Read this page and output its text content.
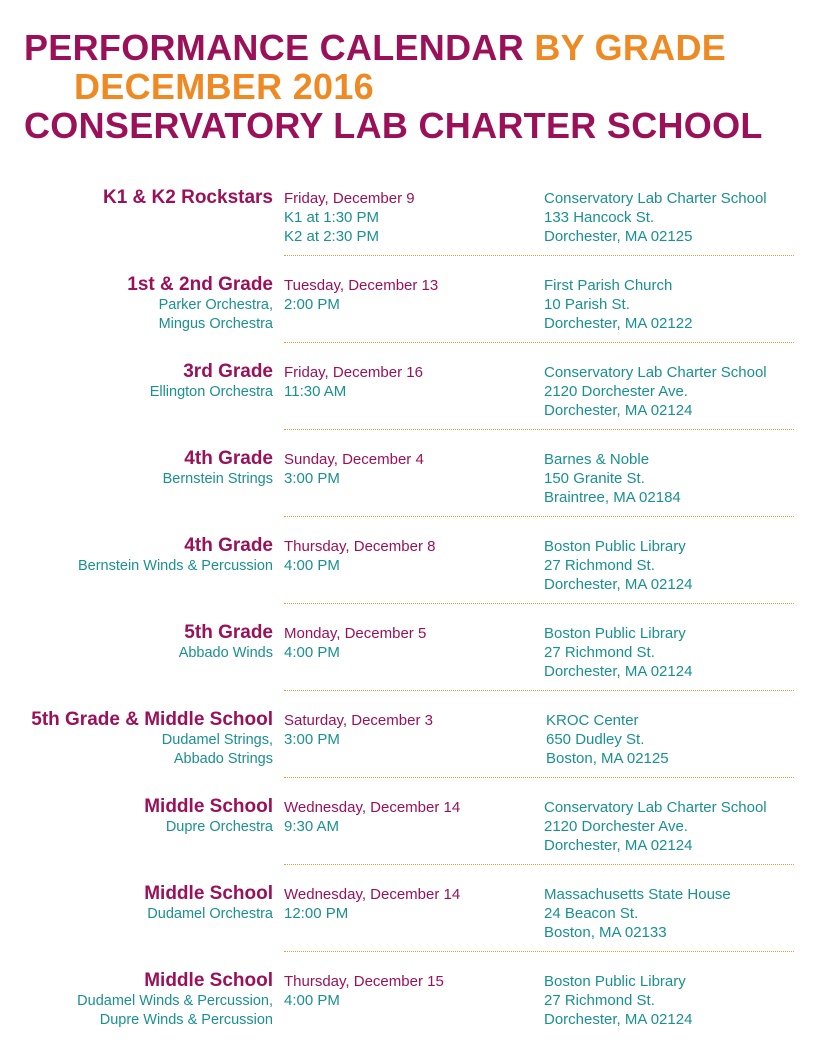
PERFORMANCE CALENDAR BY GRADE
DECEMBER 2016
CONSERVATORY LAB CHARTER SCHOOL
K1 & K2 Rockstars Friday, December 9
K1 at 1:30 PM
K2 at 2:30 PM
Conservatory Lab Charter School
133 Hancock St.
Dorchester, MA 02125
1st & 2nd Grade
Parker Orchestra,
Mingus Orchestra
Tuesday, December 13
2:00 PM
First Parish Church
10 Parish St.
Dorchester, MA 02122
3rd Grade
Ellington Orchestra
Friday, December 16
11:30 AM
Conservatory Lab Charter School
2120 Dorchester Ave.
Dorchester, MA 02124
4th Grade
Bernstein Strings
Sunday, December 4
3:00 PM
Barnes & Noble
150 Granite St.
Braintree, MA 02184
4th Grade
Bernstein Winds & Percussion
Thursday, December 8
4:00 PM
Boston Public Library
27 Richmond St.
Dorchester, MA 02124
5th Grade
Abbado Winds
Monday, December 5
4:00 PM
Boston Public Library
27 Richmond St.
Dorchester, MA 02124
5th Grade & Middle School
Dudamel Strings,
Abbado Strings
Saturday, December 3
3:00 PM
KROC Center
650 Dudley St.
Boston, MA 02125
Middle School
Dupre Orchestra
Wednesday, December 14
9:30 AM
Conservatory Lab Charter School
2120 Dorchester Ave.
Dorchester, MA 02124
Middle School
Dudamel Orchestra
Wednesday, December 14
12:00 PM
Massachusetts State House
24 Beacon St.
Boston, MA 02133
Middle School
Dudamel Winds & Percussion,
Dupre Winds & Percussion
Thursday, December 15
4:00 PM
Boston Public Library
27 Richmond St.
Dorchester, MA 02124
